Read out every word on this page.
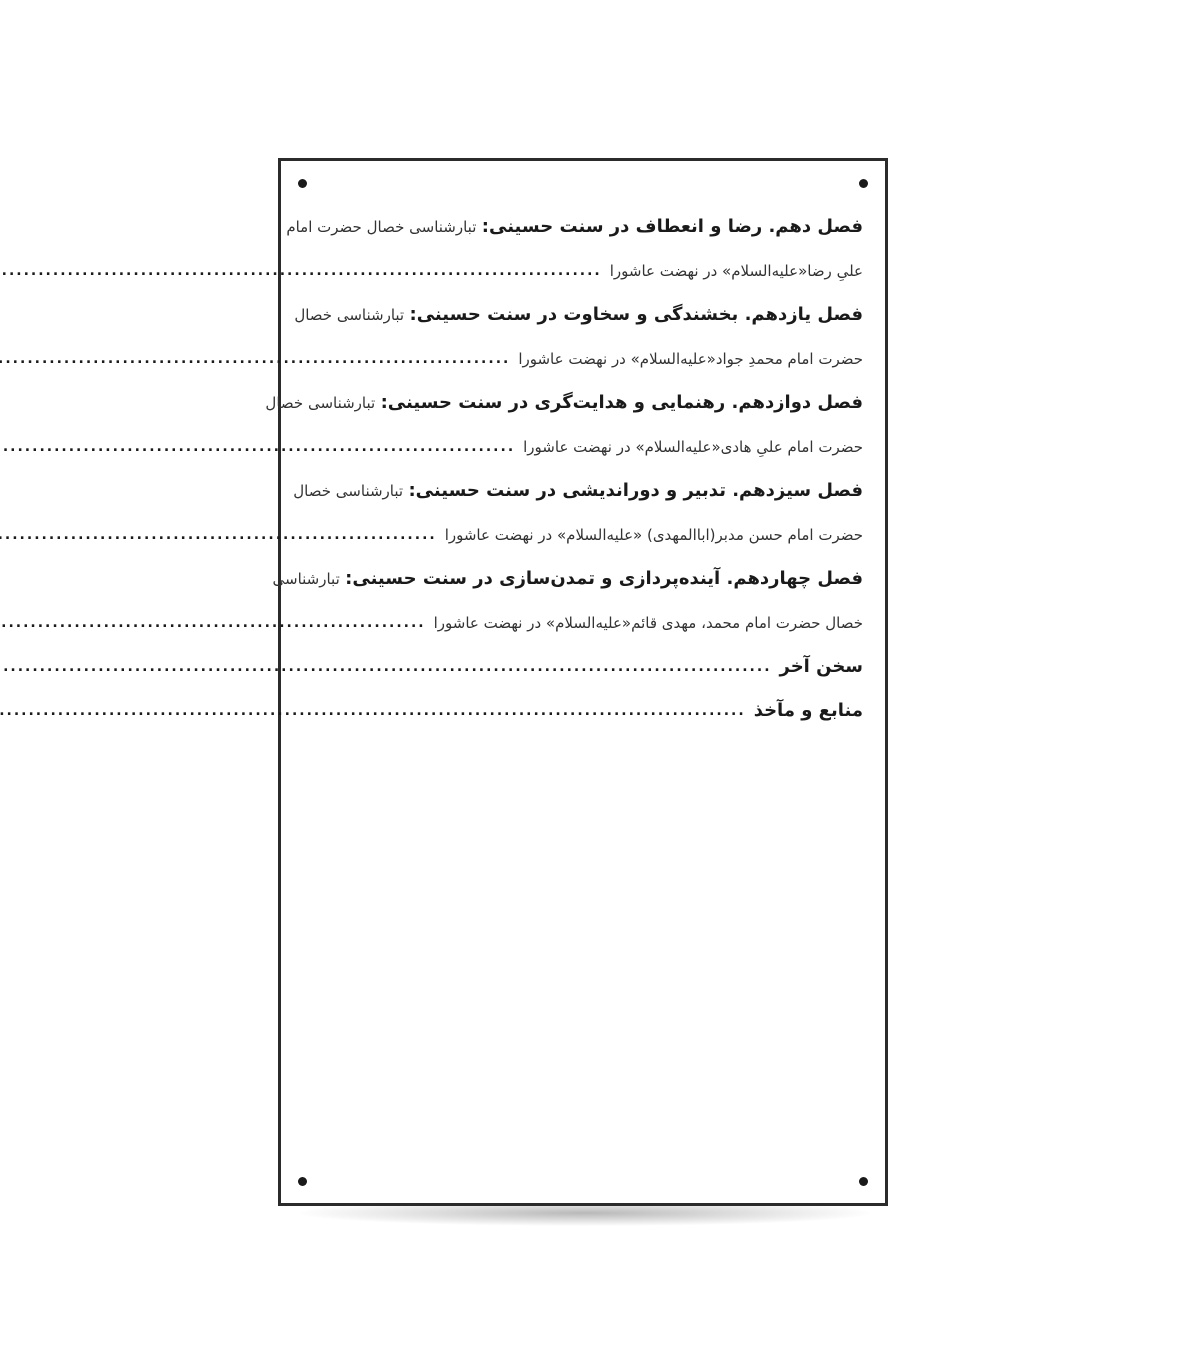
فصل دهم. رضا و انعطاف در سنت حسینی: تبارشناسی خصال حضرت امام
علیِ رضا«علیه‌السلام» در نهضت عاشورا
.....
فصل یازدهم. بخشندگی و سخاوت در سنت حسینی: تبارشناسی خصال
حضرت امام محمدِ جواد«علیه‌السلام» در نهضت عاشورا
.....
فصل دوازدهم. رهنمایی و هدایت‌گری در سنت حسینی: تبارشناسی خصال
حضرت امام علیِ هادی«علیه‌السلام» در نهضت عاشورا
.....
فصل سیزدهم. تدبیر و دوراندیشی در سنت حسینی: تبارشناسی خصال
حضرت امام حسن مدبر(اباالمهدی) «علیه‌السلام» در نهضت عاشورا
.....
فصل چهاردهم. آینده‌پردازی و تمدن‌سازی در سنت حسینی: تبارشناسی
خصال حضرت امام محمد، مهدی قائم«علیه‌السلام» در نهضت عاشورا
.....
سخن آخر
.....
منابع و مآخذ
.....
